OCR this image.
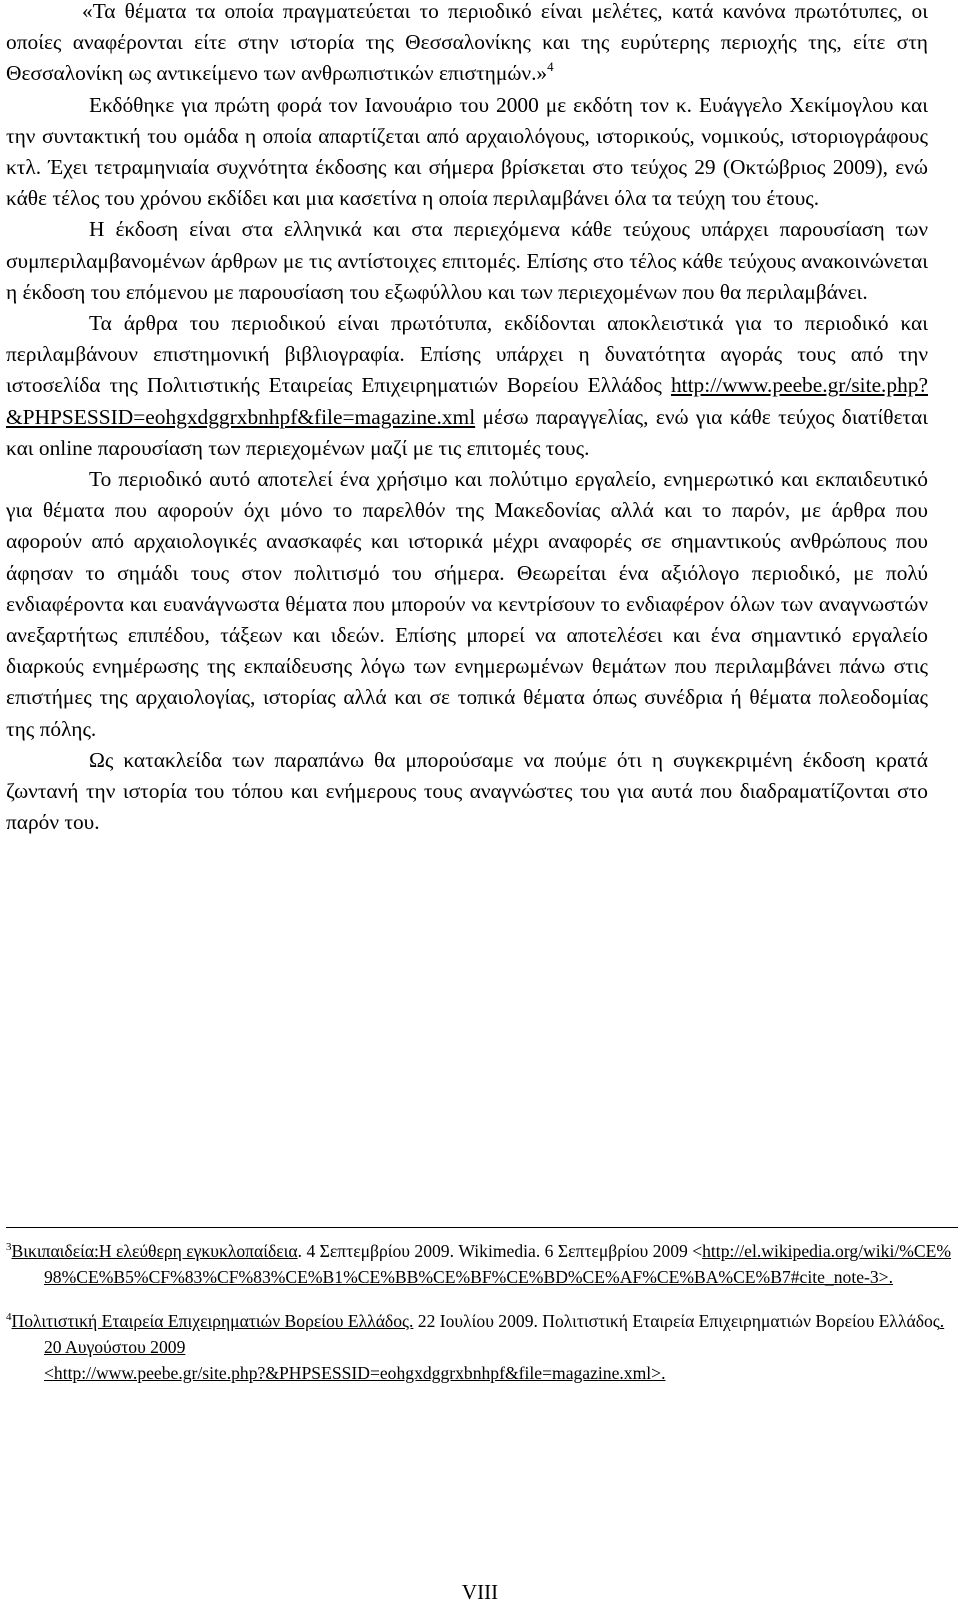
«Τα θέματα τα οποία πραγματεύεται το περιοδικό είναι μελέτες, κατά κανόνα πρωτότυπες, οι οποίες αναφέρονται είτε στην ιστορία της Θεσσαλονίκης και της ευρύτερης περιοχής της, είτε στη Θεσσαλονίκη ως αντικείμενο των ανθρωπιστικών επιστημών.»$^4$

Εκδόθηκε για πρώτη φορά τον Ιανουάριο του 2000 με εκδότη τον κ. Ευάγγελο Χεκίμογλου και την συντακτική του ομάδα η οποία απαρτίζεται από αρχαιολόγους, ιστορικούς, νομικούς, ιστοριογράφους κτλ. Έχει τετραμηνιαία συχνότητα έκδοσης και σήμερα βρίσκεται στο τεύχος 29 (Οκτώβριος 2009), ενώ κάθε τέλος του χρόνου εκδίδει και μια κασετίνα η οποία περιλαμβάνει όλα τα τεύχη του έτους.

Η έκδοση είναι στα ελληνικά και στα περιεχόμενα κάθε τεύχους υπάρχει παρουσίαση των συμπεριλαμβανομένων άρθρων με τις αντίστοιχες επιτομές. Επίσης στο τέλος κάθε τεύχους ανακοινώνεται η έκδοση του επόμενου με παρουσίαση του εξωφύλλου και των περιεχομένων που θα περιλαμβάνει.

Τα άρθρα του περιοδικού είναι πρωτότυπα, εκδίδονται αποκλειστικά για το περιοδικό και περιλαμβάνουν επιστημονική βιβλιογραφία. Επίσης υπάρχει η δυνατότητα αγοράς τους από την ιστοσελίδα της Πολιτιστικής Εταιρείας Επιχειρηματιών Βορείου Ελλάδος http://www.peebe.gr/site.php?&PHPSESSID=eohgxdggrxbnhpf&file=magazine.xml μέσω παραγγελίας, ενώ για κάθε τεύχος διατίθεται και online παρουσίαση των περιεχομένων μαζί με τις επιτομές τους.

Το περιοδικό αυτό αποτελεί ένα χρήσιμο και πολύτιμο εργαλείο, ενημερωτικό και εκπαιδευτικό για θέματα που αφορούν όχι μόνο το παρελθόν της Μακεδονίας αλλά και το παρόν, με άρθρα που αφορούν από αρχαιολογικές ανασκαφές και ιστορικά μέχρι αναφορές σε σημαντικούς ανθρώπους που άφησαν το σημάδι τους στον πολιτισμό του σήμερα. Θεωρείται ένα αξιόλογο περιοδικό, με πολύ ενδιαφέροντα και ευανάγνωστα θέματα που μπορούν να κεντρίσουν το ενδιαφέρον όλων των αναγνωστών ανεξαρτήτως επιπέδου, τάξεων και ιδεών. Επίσης μπορεί να αποτελέσει και ένα σημαντικό εργαλείο διαρκούς ενημέρωσης της εκπαίδευσης λόγω των ενημερωμένων θεμάτων που περιλαμβάνει πάνω στις επιστήμες της αρχαιολογίας, ιστορίας αλλά και σε τοπικά θέματα όπως συνέδρια ή θέματα πολεοδομίας της πόλης.

Ως κατακλείδα των παραπάνω θα μπορούσαμε να πούμε ότι η συγκεκριμένη έκδοση κρατά ζωντανή την ιστορία του τόπου και ενήμερους τους αναγνώστες του για αυτά που διαδραματίζονται στο παρόν του.

$^3$Βικιπαιδεία:Η ελεύθερη εγκυκλοπαίδεια. 4 Σεπτεμβρίου 2009. Wikimedia. 6 Σεπτεμβρίου 2009 <http://el.wikipedia.org/wiki/%CE%98%CE%B5%CF%83%CF%83%CE%B1%CE%BB%CE%BF%CE%BD%CE%AF%CE%BA%CE%B7#cite_note-3>.

$^4$Πολιτιστική Εταιρεία Επιχειρηματιών Βορείου Ελλάδος. 22 Ιουλίου 2009. Πολιτιστική Εταιρεία Επιχειρηματιών Βορείου Ελλάδος. 20 Αυγούστου 2009
<http://www.peebe.gr/site.php?&PHPSESSID=eohgxdggrxbnhpf&file=magazine.xml>.

VIII
